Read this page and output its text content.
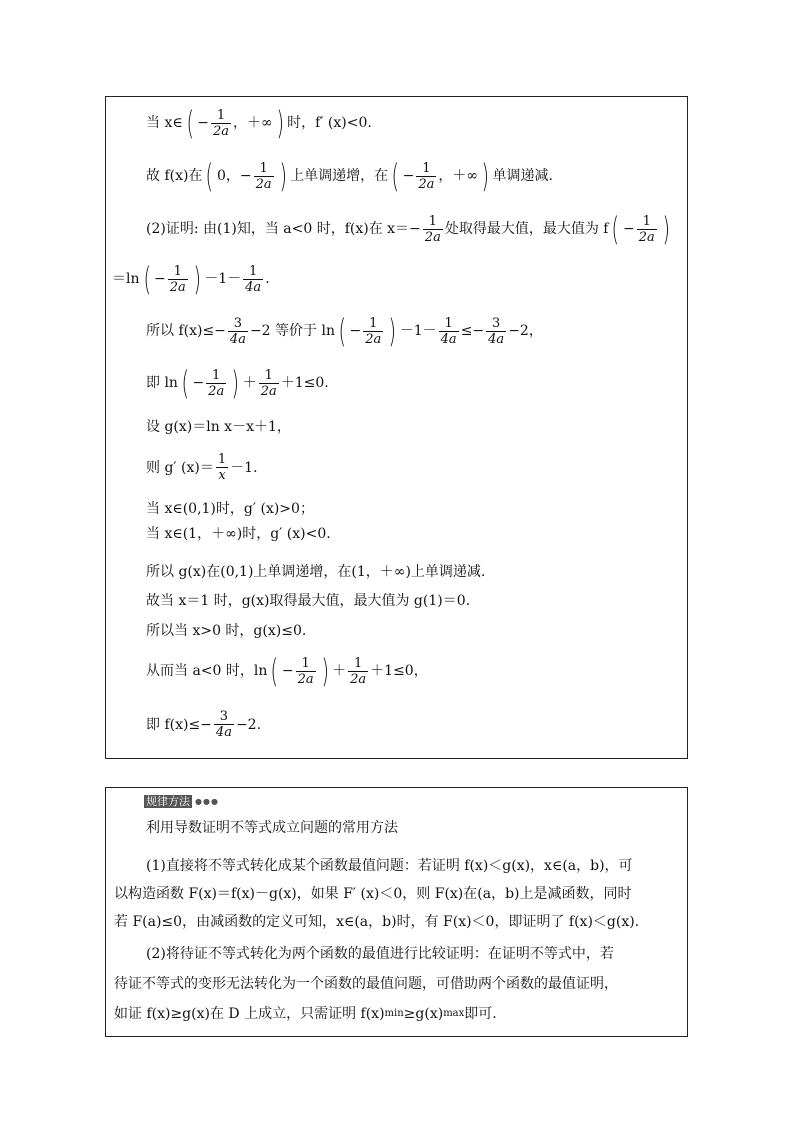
当 x∈ ( − $\frac{1}{2a}$ ，＋∞ ) 时，f′ (x)<0.
故 f(x)在 ( 0，− $\frac{1}{2a}$ ) 上单调递增，在 ( − $\frac{1}{2a}$ ，＋∞ ) 单调递减.
(2)证明: 由(1)知，当 a<0 时，f(x)在 $x=- \frac{1}{2a}$ 处取得最大值，最大值为 f ( − $\frac{1}{2a}$ )
＝ln ( − $\frac{1}{2a}$ ) $-1- \frac{1}{4a}$ .
所以 $f(x)\le- \frac{3}{4a} -2$ 等价于 ln ( − $\frac{1}{2a}$ ) $-1- \frac{1}{4a} \le- \frac{3}{4a} -2$，
即 ln ( − $\frac{1}{2a}$ ) ＋ $\frac{1}{2a} +1\le 0$.
设 g(x)＝ln x－x＋1，
则 g′ $(x)= \frac{1}{x} -1$.
当 x∈(0,1)时，g′ (x)>0；
当 x∈(1，＋∞)时，g′ (x)<0.
所以 g(x)在(0,1)上单调递增，在(1，＋∞)上单调递减.
故当 x＝1 时，g(x)取得最大值，最大值为 g(1)＝0.
所以当 x>0 时，g(x)≤0.
从而当 a<0 时，ln ( − $\frac{1}{2a}$ ) ＋ $\frac{1}{2a} +1\le 0$，
即 $f(x)\le- \frac{3}{4a} -2$.
规律方法 ●●●
利用导数证明不等式成立问题的常用方法
(1)直接将不等式转化成某个函数最值问题：若证明 f(x)＜g(x)，x∈(a，b)，可
以构造函数 F(x)＝f(x)－g(x)，如果 F′ (x)＜0，则 F(x)在(a，b)上是减函数，同时
若 F(a)≤0，由减函数的定义可知，x∈(a，b)时，有 F(x)＜0，即证明了 f(x)＜g(x).
(2)将待证不等式转化为两个函数的最值进行比较证明：在证明不等式中，若
待证不等式的变形无法转化为一个函数的最值问题，可借助两个函数的最值证明，
如证 f(x)≥g(x)在 D 上成立，只需证明 f(x) min ≥g(x) max 即可.
